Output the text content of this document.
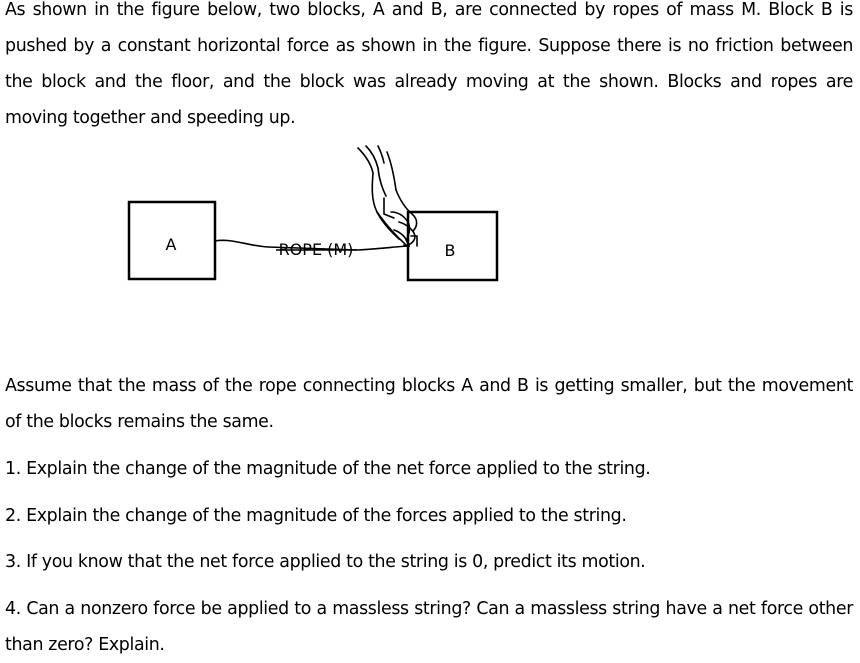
As shown in the figure below, two blocks, A and B, are connected by ropes of mass M. Block B is pushed by a constant horizontal force as shown in the figure. Suppose there is no friction between the block and the floor, and the block was already moving at the shown. Blocks and ropes are moving together and speeding up.

A	B
ROPE (M)

Assume that the mass of the rope connecting blocks A and B is getting smaller, but the movement of the blocks remains the same.

1. Explain the change of the magnitude of the net force applied to the string.

2. Explain the change of the magnitude of the forces applied to the string.

3. If you know that the net force applied to the string is 0, predict its motion.

4. Can a nonzero force be applied to a massless string? Can a massless string have a net force other than zero? Explain.
